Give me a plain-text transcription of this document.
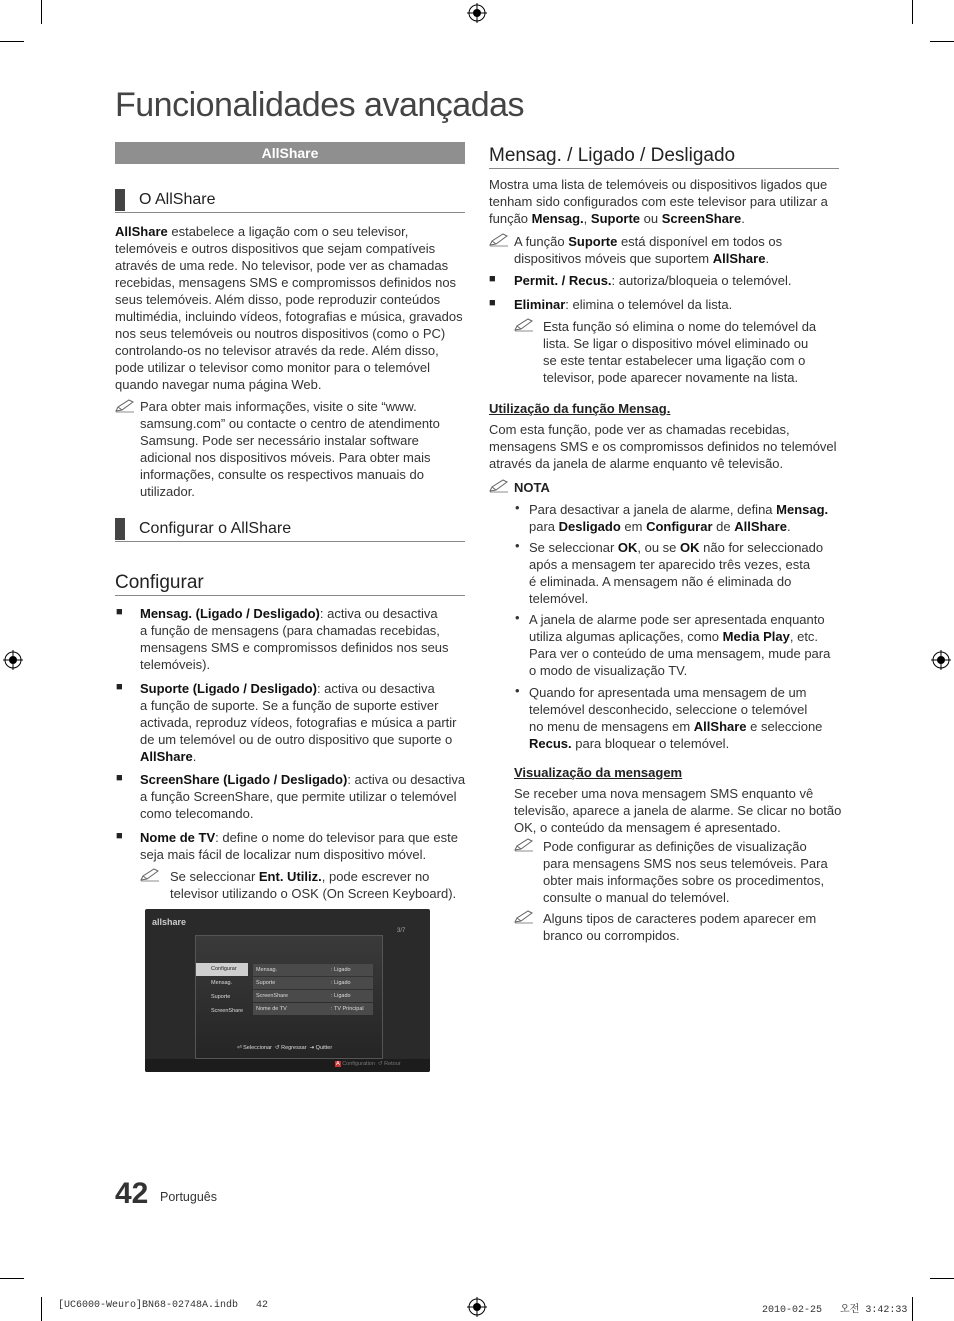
Funcionalidades avançadas
AllShare
O AllShare
AllShare estabelece a ligação com o seu televisor,
telemóveis e outros dispositivos que sejam compatíveis
através de uma rede. No televisor, pode ver as chamadas
recebidas, mensagens SMS e compromissos definidos nos
seus telemóveis. Além disso, pode reproduzir conteúdos
multimédia, incluindo vídeos, fotografias e música, gravados
nos seus telemóveis ou noutros dispositivos (como o PC)
controlando-os no televisor através da rede. Além disso,
pode utilizar o televisor como monitor para o telemóvel
quando navegar numa página Web.
Para obter mais informações, visite o site “www.
samsung.com” ou contacte o centro de atendimento
Samsung. Pode ser necessário instalar software
adicional nos dispositivos móveis. Para obter mais
informações, consulte os respectivos manuais do
utilizador.
Configurar o AllShare
Configurar
■ Mensag. (Ligado / Desligado): activa ou desactiva
a função de mensagens (para chamadas recebidas,
mensagens SMS e compromissos definidos nos seus
telemóveis).
■ Suporte (Ligado / Desligado): activa ou desactiva
a função de suporte. Se a função de suporte estiver
activada, reproduz vídeos, fotografias e música a partir
de um telemóvel ou de outro dispositivo que suporte o
AllShare.
■ ScreenShare (Ligado / Desligado): activa ou desactiva
a função ScreenShare, que permite utilizar o telemóvel
como telecomando.
■ Nome de TV: define o nome do televisor para que este
seja mais fácil de localizar num dispositivo móvel.
Se seleccionar Ent. Utiliz., pode escrever no
televisor utilizando o OSK (On Screen Keyboard).
allshare
3/7
Configurar
Mensag.
Suporte
ScreenShare
Mensag.	: Ligado
Suporte	: Ligado
ScreenShare	: Ligado
Nome de TV	: TV Principal
⏎ Seleccionar ↺ Regressar ⇥ Quitter
A Configuration ↺ Retour
42 Português
Mensag. / Ligado / Desligado
Mostra uma lista de telemóveis ou dispositivos ligados que
tenham sido configurados com este televisor para utilizar a
função Mensag., Suporte ou ScreenShare.
A função Suporte está disponível em todos os
dispositivos móveis que suportem AllShare.
■ Permit. / Recus.: autoriza/bloqueia o telemóvel.
■ Eliminar: elimina o telemóvel da lista.
Esta função só elimina o nome do telemóvel da
lista. Se ligar o dispositivo móvel eliminado ou
se este tentar estabelecer uma ligação com o
televisor, pode aparecer novamente na lista.
Utilização da função Mensag.
Com esta função, pode ver as chamadas recebidas,
mensagens SMS e os compromissos definidos no telemóvel
através da janela de alarme enquanto vê televisão.
NOTA
• Para desactivar a janela de alarme, defina Mensag.
para Desligado em Configurar de AllShare.
• Se seleccionar OK, ou se OK não for seleccionado
após a mensagem ter aparecido três vezes, esta
é eliminada. A mensagem não é eliminada do
telemóvel.
• A janela de alarme pode ser apresentada enquanto
utiliza algumas aplicações, como Media Play, etc.
Para ver o conteúdo de uma mensagem, mude para
o modo de visualização TV.
• Quando for apresentada uma mensagem de um
telemóvel desconhecido, seleccione o telemóvel
no menu de mensagens em AllShare e seleccione
Recus. para bloquear o telemóvel.
Visualização da mensagem
Se receber uma nova mensagem SMS enquanto vê
televisão, aparece a janela de alarme. Se clicar no botão
OK, o conteúdo da mensagem é apresentado.
Pode configurar as definições de visualização
para mensagens SMS nos seus telemóveis. Para
obter mais informações sobre os procedimentos,
consulte o manual do telemóvel.
Alguns tipos de caracteres podem aparecer em
branco ou corrompidos.
[UC6000-Weuro]BN68-02748A.indb   42	2010-02-25   오전 3:42:33
